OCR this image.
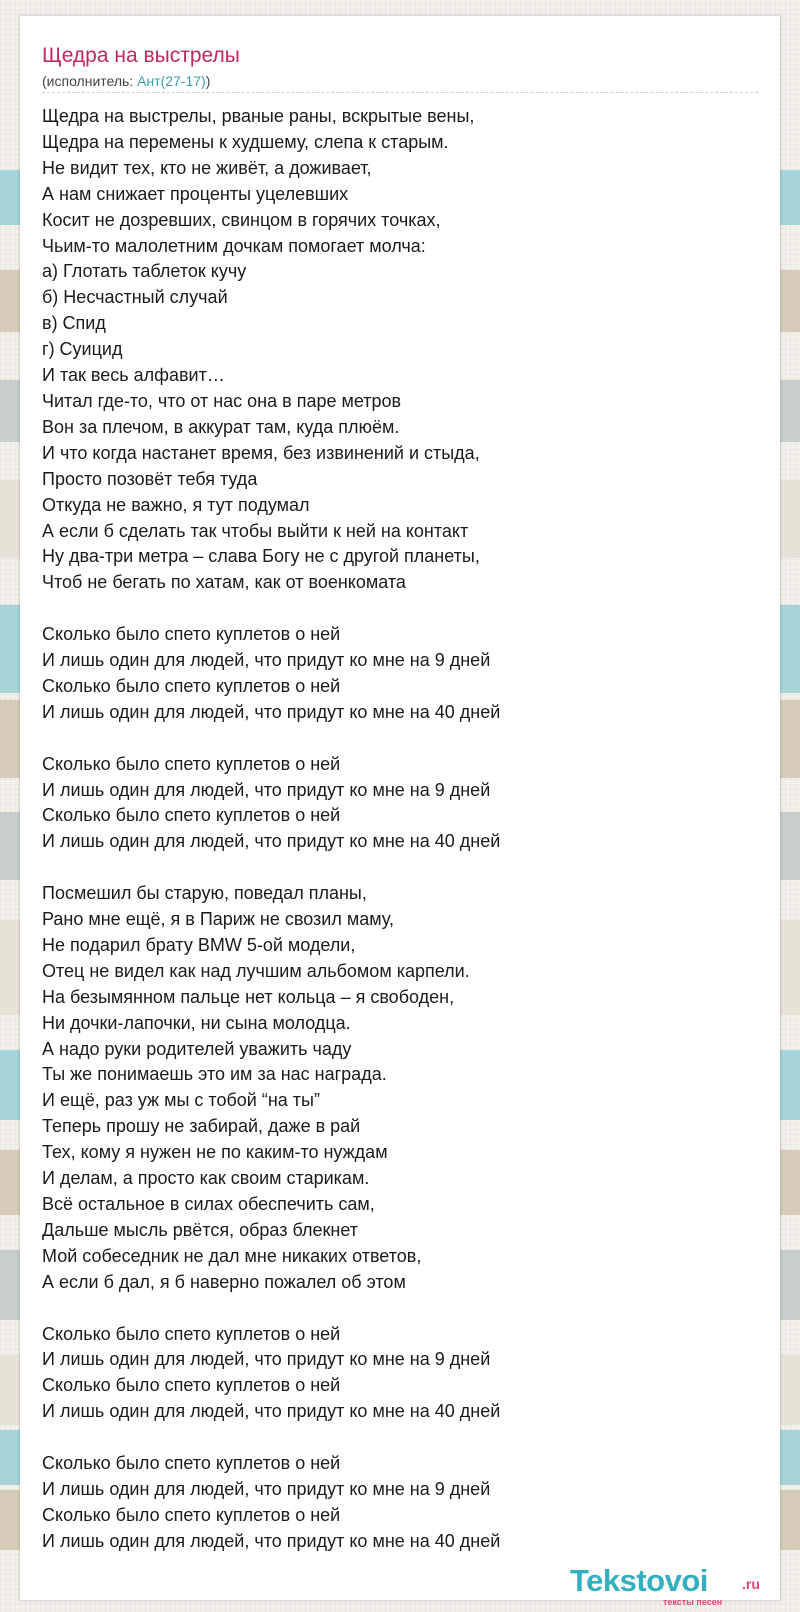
Щедра на выстрелы
(исполнитель: Ант(27-17))
Щедра на выстрелы, рваные раны, вскрытые вены,
Щедра на перемены к худшему, слепа к старым.
Не видит тех, кто не живёт, а доживает,
А нам снижает проценты уцелевших
Косит не дозревших, свинцом в горячих точках,
Чьим-то малолетним дочкам помогает молча:
а) Глотать таблеток кучу
б) Несчастный случай
в) Спид
г) Суицид
И так весь алфавит…
Читал где-то, что от нас она в паре метров
Вон за плечом, в аккурат там, куда плюём.
И что когда настанет время, без извинений и стыда,
Просто позовёт тебя туда
Откуда не важно, я тут подумал
А если б сделать так чтобы выйти к ней на контакт
Ну два-три метра – слава Богу не с другой планеты,
Чтоб не бегать по хатам, как от военкомата
Сколько было спето куплетов о ней
И лишь один для людей, что придут ко мне на 9 дней
Сколько было спето куплетов о ней
И лишь один для людей, что придут ко мне на 40 дней
Сколько было спето куплетов о ней
И лишь один для людей, что придут ко мне на 9 дней
Сколько было спето куплетов о ней
И лишь один для людей, что придут ко мне на 40 дней
Посмешил бы старую, поведал планы,
Рано мне ещё, я в Париж не свозил маму,
Не подарил брату BMW 5-ой модели,
Отец не видел как над лучшим альбомом карпели.
На безымянном пальце нет кольца – я свободен,
Ни дочки-лапочки, ни сына молодца.
А надо руки родителей уважить чаду
Ты же понимаешь это им за нас награда.
И ещё, раз уж мы с тобой “на ты”
Теперь прошу не забирай, даже в рай
Тех, кому я нужен не по каким-то нуждам
И делам, а просто как своим старикам.
Всё остальное в силах обеспечить сам,
Дальше мысль рвётся, образ блекнет
Мой собеседник не дал мне никаких ответов,
А если б дал, я б наверно пожалел об этом
Сколько было спето куплетов о ней
И лишь один для людей, что придут ко мне на 9 дней
Сколько было спето куплетов о ней
И лишь один для людей, что придут ко мне на 40 дней
Сколько было спето куплетов о ней
И лишь один для людей, что придут ко мне на 9 дней
Сколько было спето куплетов о ней
И лишь один для людей, что придут ко мне на 40 дней
Tekstovoi .ru
тексты песен
